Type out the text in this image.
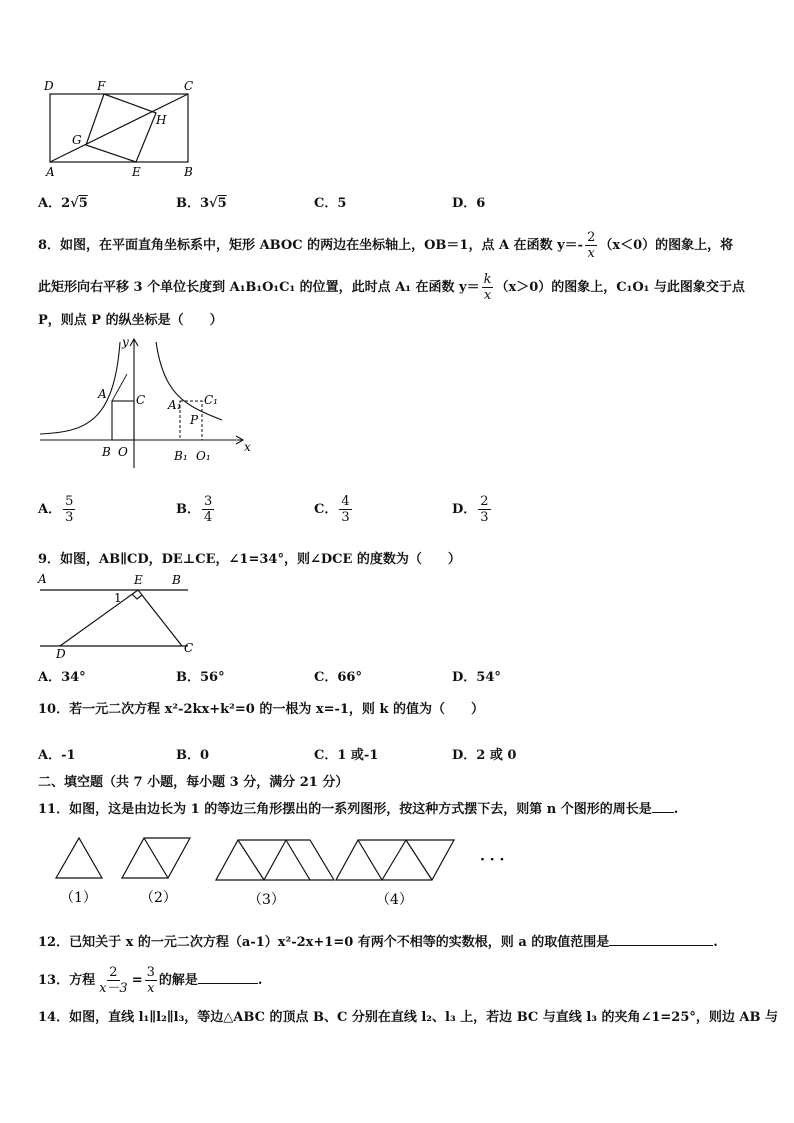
D	F	C
G
H
A	E	B
A．2√5	B．3√5	C．5	D．6
8．如图，在平面直角坐标系中，矩形 ABOC 的两边在坐标轴上，OB＝1，点 A 在函数 $y=- \frac{2}{x} (x<0)$的图象上，将
此矩形向右平移 3 个单位长度到 A₁B₁O₁C₁ 的位置，此时点 A₁ 在函数 $y= \frac{k}{x} (x>0)$的图象上，C₁O₁ 与此图象交于点
P，则点 P 的纵坐标是（　　）
y
A C A₁ C₁
P
B O	B₁ O₁
x
A． $\frac{5}{3}$	B． $\frac{3}{4}$	C． $\frac{4}{3}$	D． $\frac{2}{3}$
9．如图，AB∥CD，DE⊥CE，∠1=34°，则∠DCE 的度数为（　　）
A	E B
1
D	C
A．34°	B．56°	C．66°	D．54°
10．若一元二次方程 x²-2kx+k²=0 的一根为 x=-1，则 k 的值为（　　）
A．-1	B．0	C．1 或-1	D．2 或 0
二、填空题（共 7 小题，每小题 3 分，满分 21 分）
11．如图，这是由边长为 1 的等边三角形摆出的一系列图形，按这种方式摆下去，则第 n 个图形的周长是 .
（1）	（2）	（3）	（4）
· · ·
12．已知关于 x 的一元二次方程（a-1）x²-2x+1=0 有两个不相等的实数根，则 a 的取值范围是	.
13．方程 $\frac{2}{x-3} = \frac{3}{x}$ 的解是	.
14．如图，直线 l₁∥l₂∥l₃，等边△ABC 的顶点 B、C 分别在直线 l₂、l₃ 上，若边 BC 与直线 l₃ 的夹角∠1=25°，则边 AB 与
